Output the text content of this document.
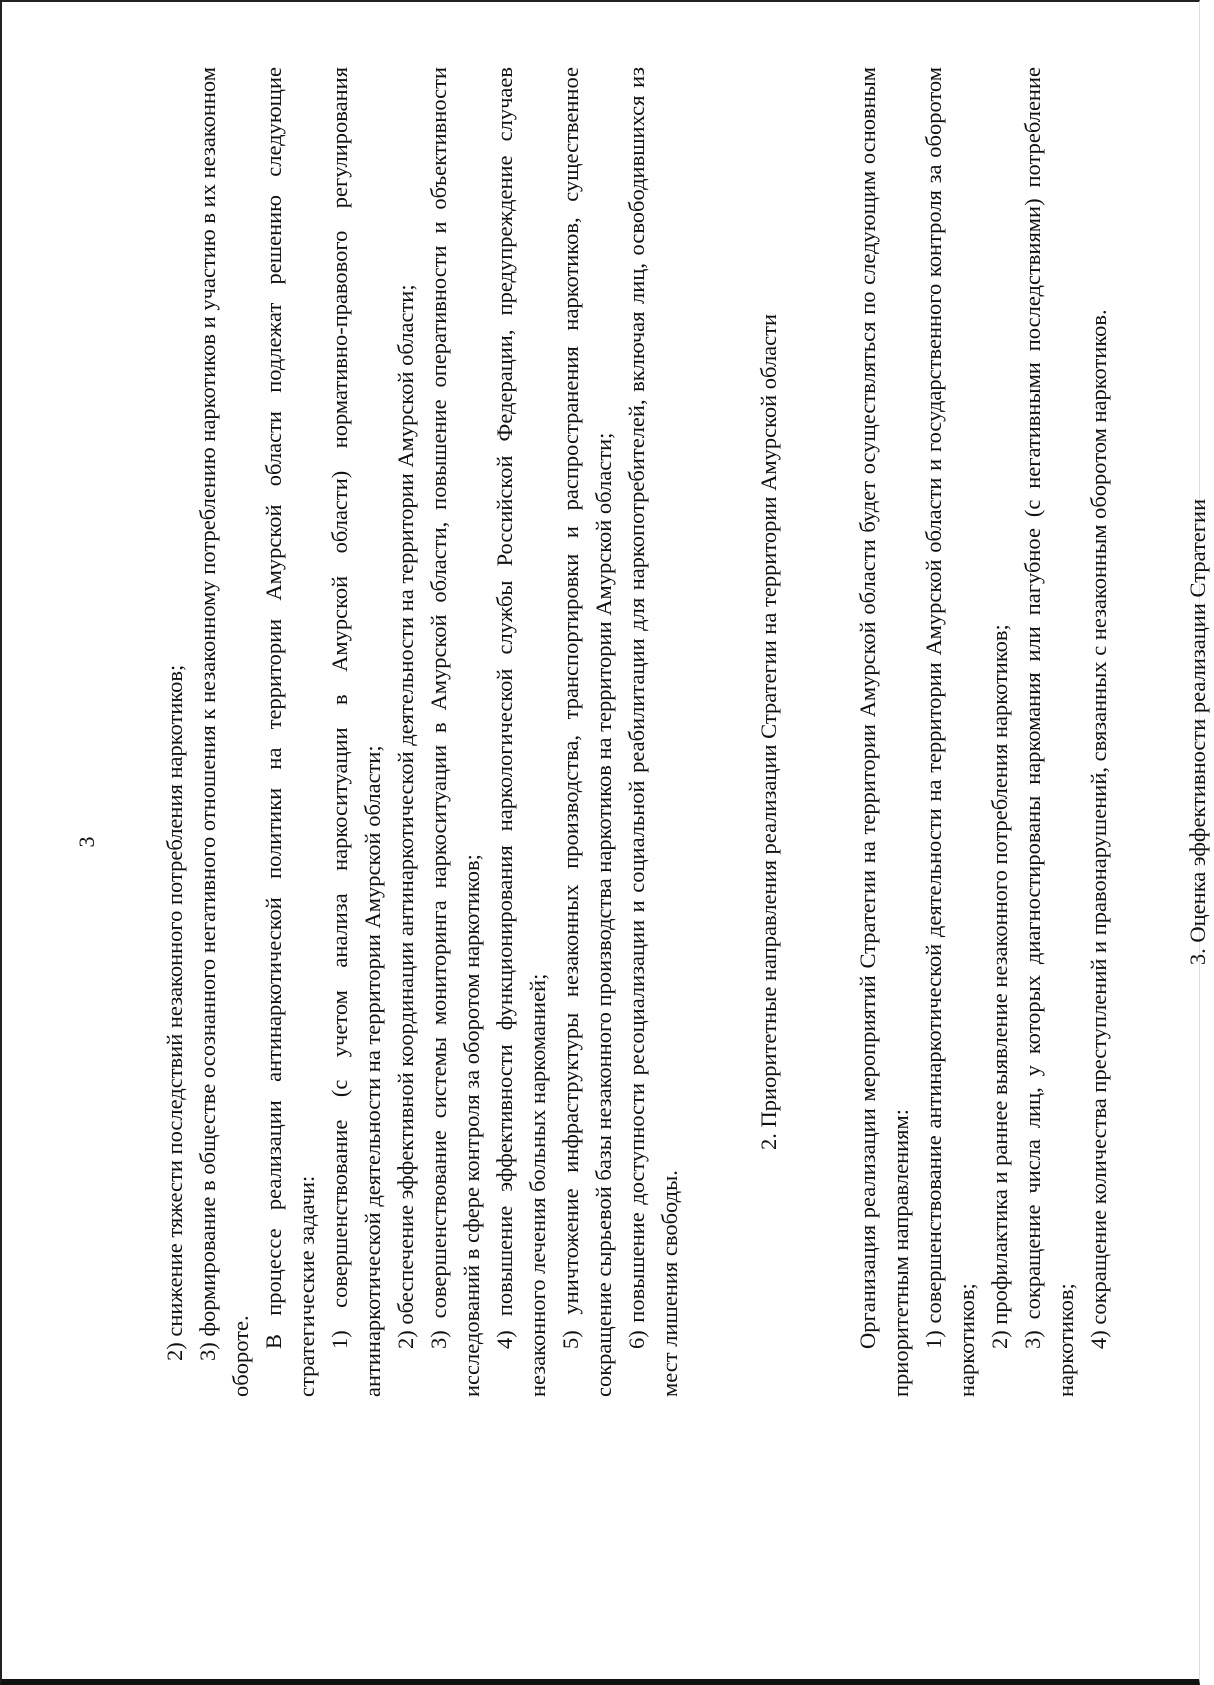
3	2) снижение тяжести последствий незаконного потребления наркотиков; 3) формирование в обществе осознанного негативного отношения к незаконному потреблению наркотиков и участию в их незаконном обороте.

В процессе реализации антинаркотической политики на территории Амурской области подлежат решению следующие стратегические задачи: 1) совершенствование (с учетом анализа наркоситуации в Амурской области) нормативно-правового регулирования антинаркотической деятельности на территории Амурской области; 2) обеспечение эффективной координации антинаркотической деятельности на территории Амурской области; 3) совершенствование системы мониторинга наркоситуации в Амурской области, повышение оперативности и объективности исследований в сфере контроля за оборотом наркотиков; 4) повышение эффективности функционирования наркологической службы Российской Федерации, предупреждение случаев незаконного лечения больных наркоманией; 5) уничтожение инфраструктуры незаконных производства, транспортировки и распространения наркотиков, существенное сокращение сырьевой базы незаконного производства наркотиков на территории Амурской области; 6) повышение доступности ресоциализации и социальной реабилитации для наркопотребителей, включая лиц, освободившихся из мест лишения свободы.

2. Приоритетные направления реализации Стратегии на территории Амурской области	Организация реализации мероприятий Стратегии на территории Амурской области будет осуществляться по следующим основным приоритетным направлениям: 1) совершенствование антинаркотической деятельности на территории Амурской области и государственного контроля за оборотом наркотиков; 2) профилактика и раннее выявление незаконного потребления наркотиков; 3) сокращение числа лиц, у которых диагностированы наркомания или пагубное (с негативными последствиями) потребление наркотиков; 4) сокращение количества преступлений и правонарушений, связанных с незаконным оборотом наркотиков.	3. Оценка эффективности реализации Стратегии
